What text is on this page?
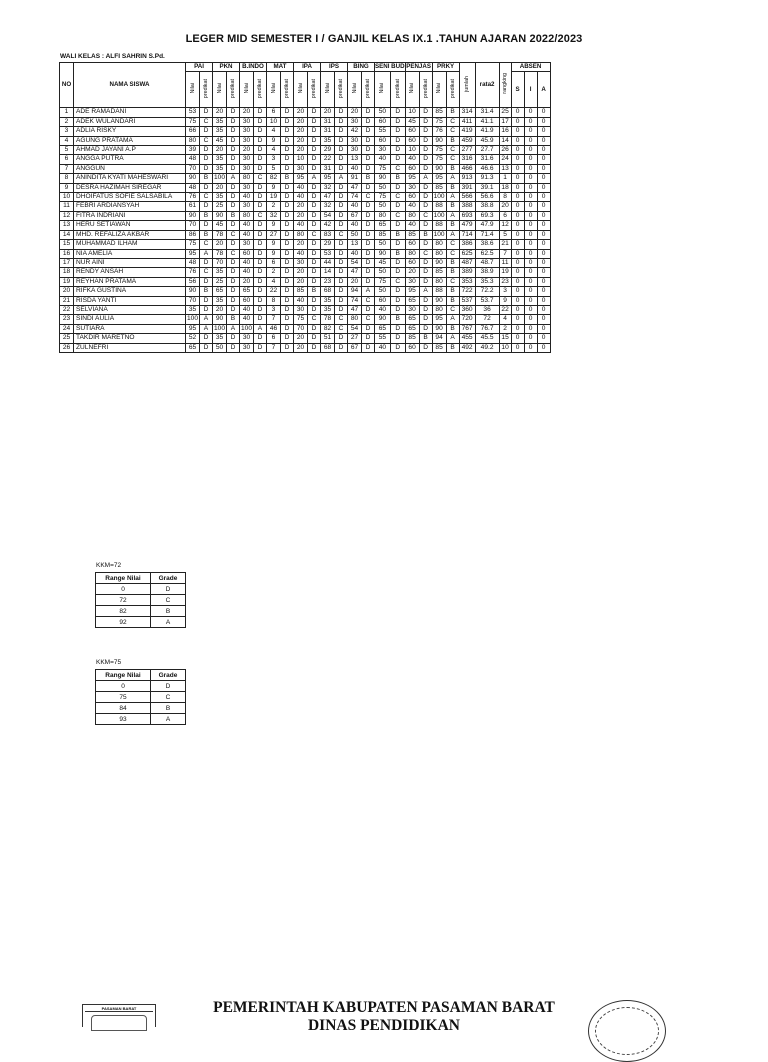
LEGER MID SEMESTER I / GANJIL KELAS IX.1 .TAHUN AJARAN 2022/2023
WALI KELAS : ALFI SAHRIN S.Pd.
NO	NAMA SISWA	PAI		PKN		B.INDO		MAT		IPA		IPS		BING		SENI BUD		PENJAS		PRKY		jumlah	rata2	rangking	ABSEN		
		Nilai	predikat	Nilai	predikat	Nilai	predikat	Nilai	predikat	Nilai	predikat	Nilai	predikat	Nilai	predikat	Nilai	predikat	Nilai	predikat	Nilai	predikat				S	I	A
1	ADE RAMADANI	53	D	20	D	20	D	6	D	20	D	20	D	20	D	50	D	10	D	85	B	314	31.4	25	0	0	0
2	ADEK WULANDARI	75	C	35	D	30	D	10	D	20	D	31	D	30	D	60	D	45	D	75	C	411	41.1	17	0	0	0
3	ADLIA RISKY	66	D	35	D	30	D	4	D	20	D	31	D	42	D	55	D	60	D	76	C	419	41.9	16	0	0	0
4	AGUNG PRATAMA	80	C	45	D	30	D	9	D	20	D	35	D	30	D	60	D	60	D	90	B	459	45.9	14	0	0	0
5	AHMAD JAYANI A.P	39	D	20	D	20	D	4	D	20	D	29	D	30	D	30	D	10	D	75	C	277	27.7	26	0	0	0
6	ANGGA PUTRA	48	D	35	D	30	D	3	D	10	D	22	D	13	D	40	D	40	D	75	C	316	31.6	24	0	0	0
7	ANGGUN	70	D	35	D	30	D	5	D	30	D	31	D	40	D	75	C	60	D	90	B	466	46.6	13	0	0	0
8	ANINDITA KYATI MAHESWARI	90	B	100	A	80	C	82	B	95	A	95	A	91	B	90	B	95	A	95	A	913	91.3	1	0	0	0
9	DESRA HAZIMAH SIREGAR	48	D	20	D	30	D	9	D	40	D	32	D	47	D	50	D	30	D	85	B	391	39.1	18	0	0	0
10	DHOIFATUS SOFIE SALSABILA	76	C	35	D	40	D	19	D	40	D	47	D	74	C	75	C	60	D	100	A	566	56.6	8	0	0	0
11	FEBRI ARDIANSYAH	61	D	25	D	30	D	2	D	20	D	32	D	40	D	50	D	40	D	88	B	388	38.8	20	0	0	0
12	FITRA INDRIANI	90	B	90	B	80	C	32	D	20	D	54	D	67	D	80	C	80	C	100	A	693	69.3	6	0	0	0
13	HERU SETIAWAN	70	D	45	D	40	D	9	D	40	D	42	D	40	D	65	D	40	D	88	B	479	47.9	12	0	0	0
14	MHD. REFALIZA AKBAR	86	B	78	C	40	D	27	D	80	C	83	C	50	D	85	B	85	B	100	A	714	71.4	5	0	0	0
15	MUHAMMAD ILHAM	75	C	20	D	30	D	9	D	20	D	29	D	13	D	50	D	60	D	80	C	386	38.6	21	0	0	0
16	NIA AMELIA	95	A	78	C	60	D	9	D	40	D	53	D	40	D	90	B	80	C	80	C	625	62.5	7	0	0	0
17	NUR AINI	48	D	70	D	40	D	6	D	30	D	44	D	54	D	45	D	60	D	90	B	487	48.7	11	0	0	0
18	RENDY ANSAH	76	C	35	D	40	D	2	D	20	D	14	D	47	D	50	D	20	D	85	B	389	38.9	19	0	0	0
19	REYHAN PRATAMA	56	D	25	D	20	D	4	D	20	D	23	D	20	D	75	C	30	D	80	C	353	35.3	23	0	0	0
20	RIFKA GUSTINA	90	B	65	D	65	D	22	D	85	B	68	D	94	A	50	D	95	A	88	B	722	72.2	3	0	0	0
21	RISDA YANTI	70	D	35	D	60	D	8	D	40	D	35	D	74	C	60	D	65	D	90	B	537	53.7	9	0	0	0
22	SELVIANA	35	D	20	D	40	D	3	D	30	D	35	D	47	D	40	D	30	D	80	C	360	36	22	0	0	0
23	SINDI AULIA	100	A	90	B	40	D	7	D	75	C	78	C	80	C	90	B	65	D	95	A	720	72	4	0	0	0
24	SUTIARA	95	A	100	A	100	A	46	D	70	D	82	C	54	D	65	D	65	D	90	B	767	76.7	2	0	0	0
25	TAKDIR MARETNO	52	D	35	D	30	D	6	D	20	D	51	D	27	D	55	D	85	B	94	A	455	45.5	15	0	0	0
26	ZULNEFRI	65	D	50	D	30	D	7	D	20	D	68	D	67	D	40	D	60	D	85	B	492	49.2	10	0	0	0
KKM=72
Range Nilai	Grade
0	D
72	C
82	B
92	A
KKM=75
Range Nilai	Grade
0	D
75	C
84	B
93	A
PASAMAN BARAT	PEMERINTAH KABUPATEN PASAMAN BARAT
DINAS PENDIDIKAN
